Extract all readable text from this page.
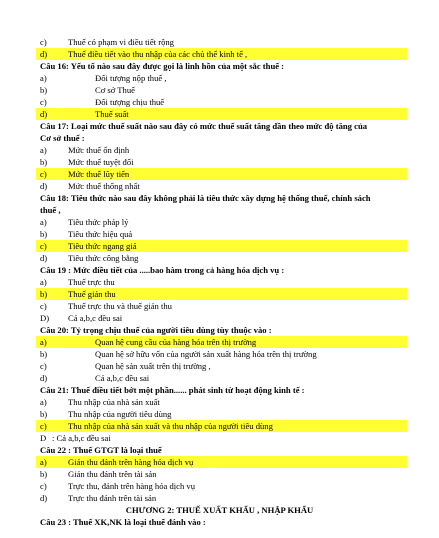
c) Thuế có phạm vi điều tiết rộng
d) Thuế điều tiết vào thu nhập của các chủ thể kinh tế ,
Câu 16: Yếu tố nào sau đây được gọi là linh hồn của một sắc thuế :
a)	Đối tượng nộp thuế ,
b)	Cơ sở Thuế
c)	Đối tượng chịu thuế
d)	Thuế suất
Câu 17: Loại mức thuế suất nào sau đây có mức thuế suất tăng dần theo mức độ tăng của
Cơ sở thuế :
a) Mức thuế ổn định
b) Mức thuế tuyệt đối
c) Mức thuế lũy tiến
d) Mức thuế thống nhất
Câu 18: Tiêu thức nào sau đây không phải là tiêu thức xây dựng hệ thống thuế, chính sách
thuế ,
a) Tiêu thức pháp lý
b) Tiêu thức hiệu quả
c) Tiêu thức ngang giá
d) Tiêu thức công bằng
Câu 19 : Mức điều tiết của .....bao hàm trong cả hàng hóa dịch vụ :
a) Thuế trực thu
b) Thuế gián thu
c) Thuế trực thu và thuế gián thu
D) Cả a,b,c đều sai
Câu 20: Tỷ trọng chịu thuế của người tiêu dùng tùy thuộc vào :
a)	Quan hệ cung cầu của hàng hóa trên thị trường
b)	Quan hệ sở hữu vốn của người sản xuất hàng hóa trên thị trường
c)	Quan hệ sản xuất trên thị trường ,
d)	Cả a,b,c đều sai
Câu 21: Thuế điều tiết bớt một phần...... phát sinh từ hoạt động kinh tế :
a) Thu nhập của nhà sản xuất
b) Thu nhập của người tiêu dùng
c) Thu nhập của nhà sản xuất và thu nhập của người tiêu dùng
D : Cả a,b,c đều sai
Câu 22 : Thuế GTGT là loại thuế
a) Gián thu đánh trên hàng hóa dịch vụ
b) Gián thu đánh trên tài sản
c) Trực thu, đánh trên hàng hóa dịch vụ
d) Trực thu đánh trên tài sản
CHƯƠNG 2: THUẾ XUẤT KHẨU , NHẬP KHẨU
Câu 23 : Thuế XK,NK là loại thuế đánh vào :
